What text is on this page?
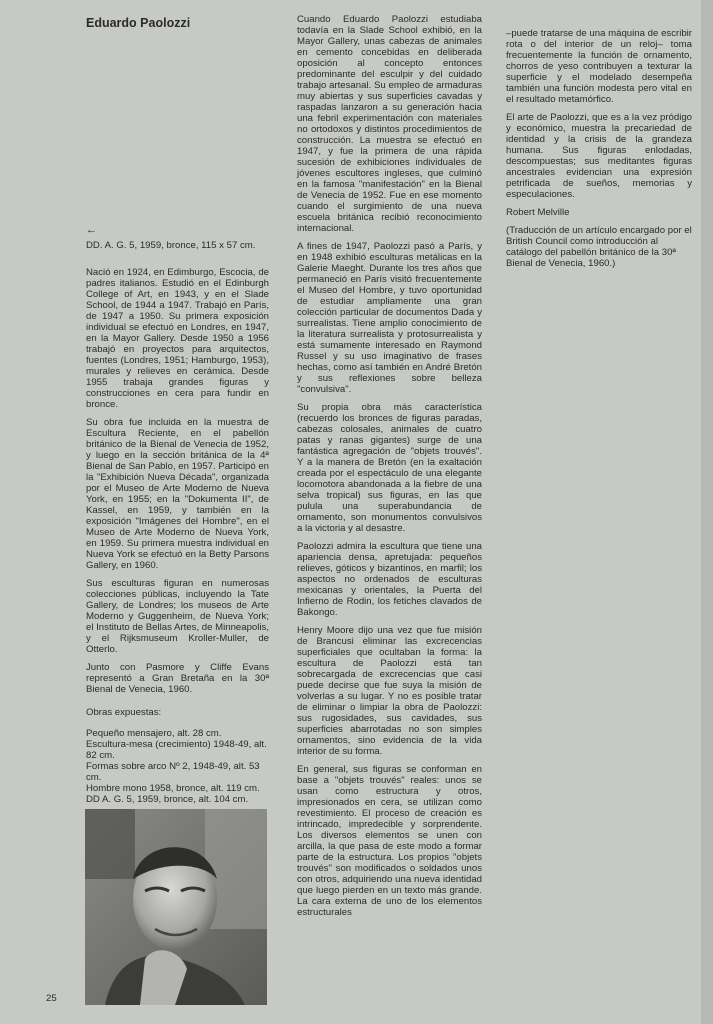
Eduardo Paolozzi
←
DD. A. G. 5, 1959, bronce, 115 x 57 cm.

Nació en 1924, en Edimburgo, Escocia, de padres italianos. Estudió en el Edinburgh College of Art, en 1943, y en el Slade School, de 1944 a 1947. Trabajó en París, de 1947 a 1950. Su primera exposición individual se efectuó en Londres, en 1947, en la Mayor Gallery. Desde 1950 a 1956 trabajó en proyectos para arquitectos, fuentes (Londres, 1951; Hamburgo, 1953), murales y relieves en cerámica. Desde 1955 trabaja grandes figuras y construcciones en cera para fundir en bronce.

Su obra fue incluida en la muestra de Escultura Reciente, en el pabellón británico de la Bienal de Venecia de 1952, y luego en la sección británica de la 4ª Bienal de San Pablo, en 1957. Participó en la "Exhibición Nueva Década", organizada por el Museo de Arte Moderno de Nueva York, en 1955; en la "Dokumenta II", de Kassel, en 1959, y también en la exposición "Imágenes del Hombre", en el Museo de Arte Moderno de Nueva York, en 1959. Su primera muestra individual en Nueva York se efectuó en la Betty Parsons Gallery, en 1960.

Sus esculturas figuran en numerosas colecciones públicas, incluyendo la Tate Gallery, de Londres; los museos de Arte Moderno y Guggenheim, de Nueva York; el Instituto de Bellas Artes, de Minneapolis, y el Rijksmuseum Kroller-Muller, de Otterlo.

Junto con Pasmore y Cliffe Evans representó a Gran Bretaña en la 30ª Bienal de Venecia, 1960.

Obras expuestas:

Pequeño mensajero, alt. 28 cm.

Escultura-mesa (crecimiento) 1948-49, alt. 82 cm.

Formas sobre arco Nº 2, 1948-49, alt. 53 cm.

Hombre mono 1958, bronce, alt. 119 cm.

DD A. G. 5, 1959, bronce, alt. 104 cm.

Cuando Eduardo Paolozzi estudiaba todavía en la Slade School exhibió, en la Mayor Gallery, unas cabezas de animales en cemento concebidas en deliberada oposición al concepto entonces predominante del esculpir y del cuidado trabajo artesanal. Su empleo de armaduras muy abiertas y sus superficies cavadas y raspadas lanzaron a su generación hacia una febril experimentación con materiales no ortodoxos y distintos procedimientos de construcción. La muestra se efectuó en 1947, y fue la primera de una rápida sucesión de exhibiciones individuales de jóvenes escultores ingleses, que culminó en la famosa "manifestación" en la Bienal de Venecia de 1952. Fue en ese momento cuando el surgimiento de una nueva escuela británica recibió reconocimiento internacional.

A fines de 1947, Paolozzi pasó a París, y en 1948 exhibió esculturas metálicas en la Galerie Maeght. Durante los tres años que permaneció en París visitó frecuentemente el Museo del Hombre, y tuvo oportunidad de estudiar ampliamente una gran colección particular de documentos Dada y surrealistas. Tiene amplio conocimiento de la literatura surrealista y protosurrealista y está sumamente interesado en Raymond Russel y su uso imaginativo de frases hechas, como así también en André Bretón y sus reflexiones sobre belleza "convulsiva".

Su propia obra más característica (recuerdo los bronces de figuras paradas, cabezas colosales, animales de cuatro patas y ranas gigantes) surge de una fantástica agregación de "objets trouvés". Y a la manera de Bretón (en la exaltación creada por el espectáculo de una elegante locomotora abandonada a la fiebre de una selva tropical) sus figuras, en las que pulula una superabundancia de ornamento, son monumentos convulsivos a la victoria y al desastre.

Paolozzi admira la escultura que tiene una apariencia densa, apretujada: pequeños relieves, góticos y bizantinos, en marfil; los aspectos no ordenados de esculturas mexicanas y orientales, la Puerta del Infierno de Rodin, los fetiches clavados de Bakongo.

Henry Moore dijo una vez que fue misión de Brancusi eliminar las excrecencias superficiales que ocultaban la forma: la escultura de Paolozzi está tan sobrecargada de excrecencias que casi puede decirse que fue suya la misión de volverlas a su lugar. Y no es posible tratar de eliminar o limpiar la obra de Paolozzi: sus rugosidades, sus cavidades, sus superficies abarrotadas no son simples ornamentos, sino evidencia de la vida interior de su forma.

En general, sus figuras se conforman en base a "objets trouvés" reales: unos se usan como estructura y otros, impresionados en cera, se utilizan como revestimiento. El proceso de creación es intrincado, impredecible y sorprendente. Los diversos elementos se unen con arcilla, la que pasa de este modo a formar parte de la estructura. Los propios "objets trouvés" son modificados o soldados unos con otros, adquiriendo una nueva identidad que luego pierden en un texto más grande. La cara externa de uno de los elementos estructurales

–puede tratarse de una máquina de escribir rota o del interior de un reloj– toma frecuentemente la función de ornamento, chorros de yeso contribuyen a texturar la superficie y el modelado desempeña también una función modesta pero vital en el resultado metamórfico.

El arte de Paolozzi, que es a la vez pródigo y económico, muestra la precariedad de identidad y la crisis de la grandeza humana. Sus figuras enlodadas, descompuestas; sus meditantes figuras ancestrales evidencian una expresión petrificada de sueños, memorias y especulaciones.

Robert Melville

(Traducción de un artículo encargado por el British Council como introducción al catálogo del pabellón británico de la 30ª Bienal de Venecia, 1960.)

25
